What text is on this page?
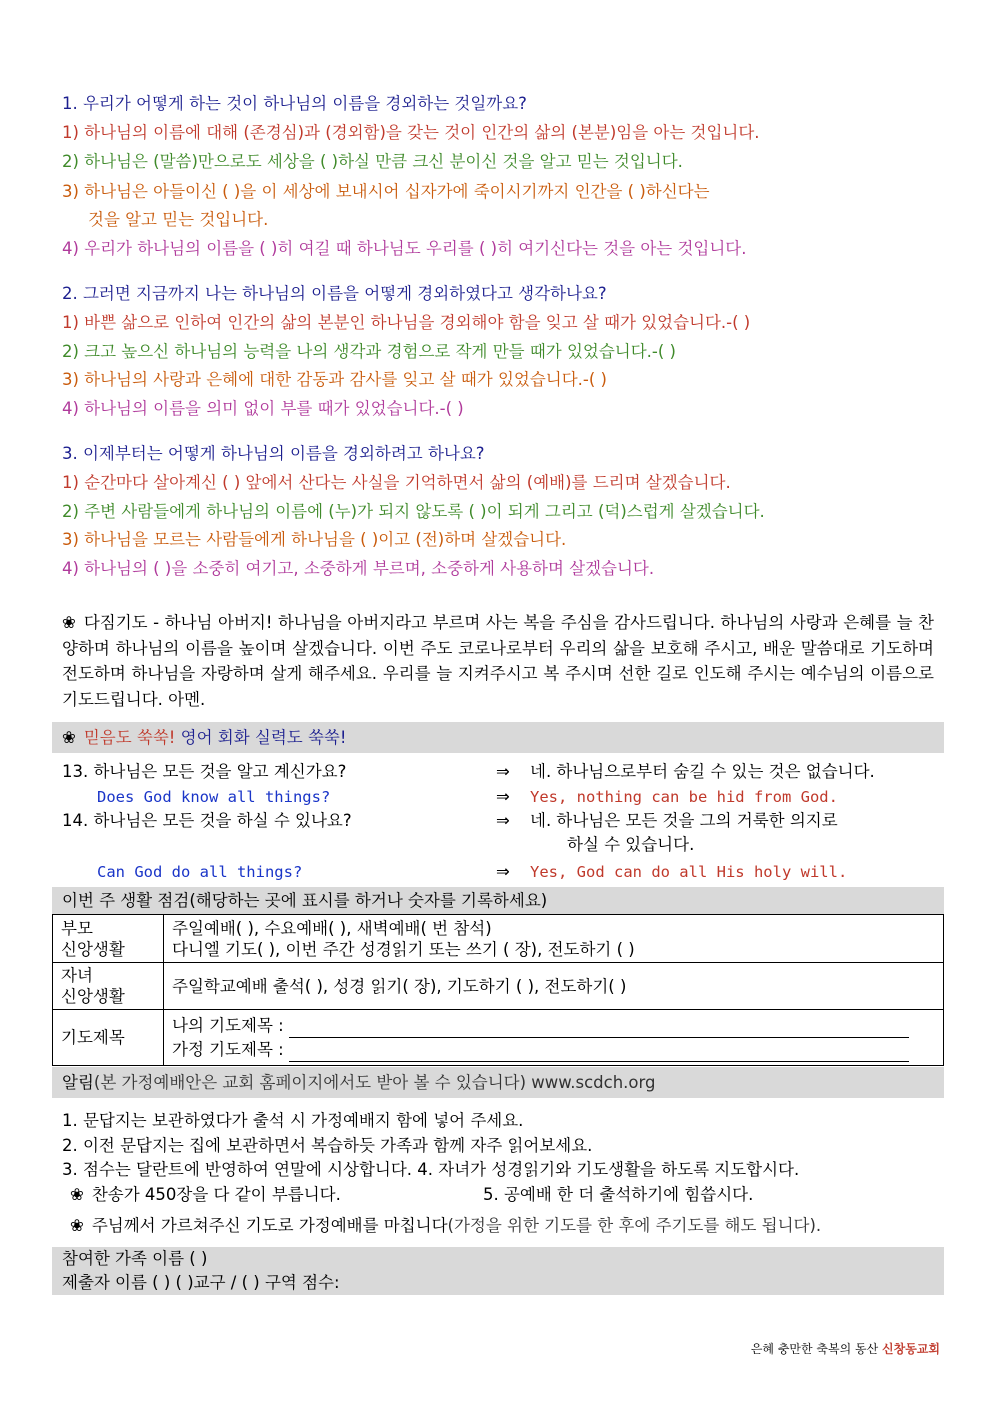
1. 우리가 어떻게 하는 것이 하나님의 이름을 경외하는 것일까요?
1) 하나님의 이름에 대해 (존경심)과 (경외함)을 갖는 것이 인간의 삶의 (본분)임을 아는 것입니다.
2) 하나님은 (말씀)만으로도 세상을 ( )하실 만큼 크신 분이신 것을 알고 믿는 것입니다.
3) 하나님은 아들이신 ( )을 이 세상에 보내시어 십자가에 죽이시기까지 인간을 ( )하신다는
것을 알고 믿는 것입니다.
4) 우리가 하나님의 이름을 ( )히 여길 때 하나님도 우리를 ( )히 여기신다는 것을 아는 것입니다.
2. 그러면 지금까지 나는 하나님의 이름을 어떻게 경외하였다고 생각하나요?
1) 바쁜 삶으로 인하여 인간의 삶의 본분인 하나님을 경외해야 함을 잊고 살 때가 있었습니다.-( )
2) 크고 높으신 하나님의 능력을 나의 생각과 경험으로 작게 만들 때가 있었습니다.-( )
3) 하나님의 사랑과 은혜에 대한 감동과 감사를 잊고 살 때가 있었습니다.-( )
4) 하나님의 이름을 의미 없이 부를 때가 있었습니다.-( )
3. 이제부터는 어떻게 하나님의 이름을 경외하려고 하나요?
1) 순간마다 살아계신 ( ) 앞에서 산다는 사실을 기억하면서 삶의 (예배)를 드리며 살겠습니다.
2) 주변 사람들에게 하나님의 이름에 (누)가 되지 않도록 ( )이 되게 그리고 (덕)스럽게 살겠습니다.
3) 하나님을 모르는 사람들에게 하나님을 ( )이고 (전)하며 살겠습니다.
4) 하나님의 ( )을 소중히 여기고, 소중하게 부르며, 소중하게 사용하며 살겠습니다.
❀ 다짐기도 - 하나님 아버지! 하나님을 아버지라고 부르며 사는 복을 주심을 감사드립니다. 하나님의 사랑과 은혜를 늘 찬양하며 하나님의 이름을 높이며 살겠습니다. 이번 주도 코로나로부터 우리의 삶을 보호해 주시고, 배운 말씀대로 기도하며 전도하며 하나님을 자랑하며 살게 해주세요. 우리를 늘 지켜주시고 복 주시며 선한 길로 인도해 주시는 예수님의 이름으로 기도드립니다. 아멘.
❀ 믿음도 쑥쑥! 영어 회화 실력도 쑥쑥!
13. 하나님은 모든 것을 알고 계신가요?	⇒ 네. 하나님으로부터 숨길 수 있는 것은 없습니다.
Does God know all things?	⇒ Yes, nothing can be hid from God.
14. 하나님은 모든 것을 하실 수 있나요?	⇒ 네. 하나님은 모든 것을 그의 거룩한 의지로
하실 수 있습니다.
Can God do all things?	⇒ Yes, God can do all His holy will.
이번 주 생활 점검(해당하는 곳에 표시를 하거나 숫자를 기록하세요)
부모
신앙생활	주일예배( ), 수요예배( ), 새벽예배( 번 참석)
다니엘 기도( ), 이번 주간 성경읽기 또는 쓰기 ( 장), 전도하기 ( )
자녀
신앙생활	주일학교예배 출석( ), 성경 읽기( 장), 기도하기 ( ), 전도하기( )
기도제목	나의 기도제목 :
가정 기도제목 :
알림(본 가정예배안은 교회 홈페이지에서도 받아 볼 수 있습니다) www.scdch.org
1. 문답지는 보관하였다가 출석 시 가정예배지 함에 넣어 주세요.
2. 이전 문답지는 집에 보관하면서 복습하듯 가족과 함께 자주 읽어보세요.
3. 점수는 달란트에 반영하여 연말에 시상합니다. 4. 자녀가 성경읽기와 기도생활을 하도록 지도합시다.
❀ 찬송가 450장을 다 같이 부릅니다.	5. 공예배 한 더 출석하기에 힘씁시다.
❀ 주님께서 가르쳐주신 기도로 가정예배를 마칩니다(가정을 위한 기도를 한 후에 주기도를 해도 됩니다).
참여한 가족 이름 ( )
제출자 이름 ( ) ( )교구 / ( ) 구역 점수:
은혜 충만한 축복의 동산 신창동교회
